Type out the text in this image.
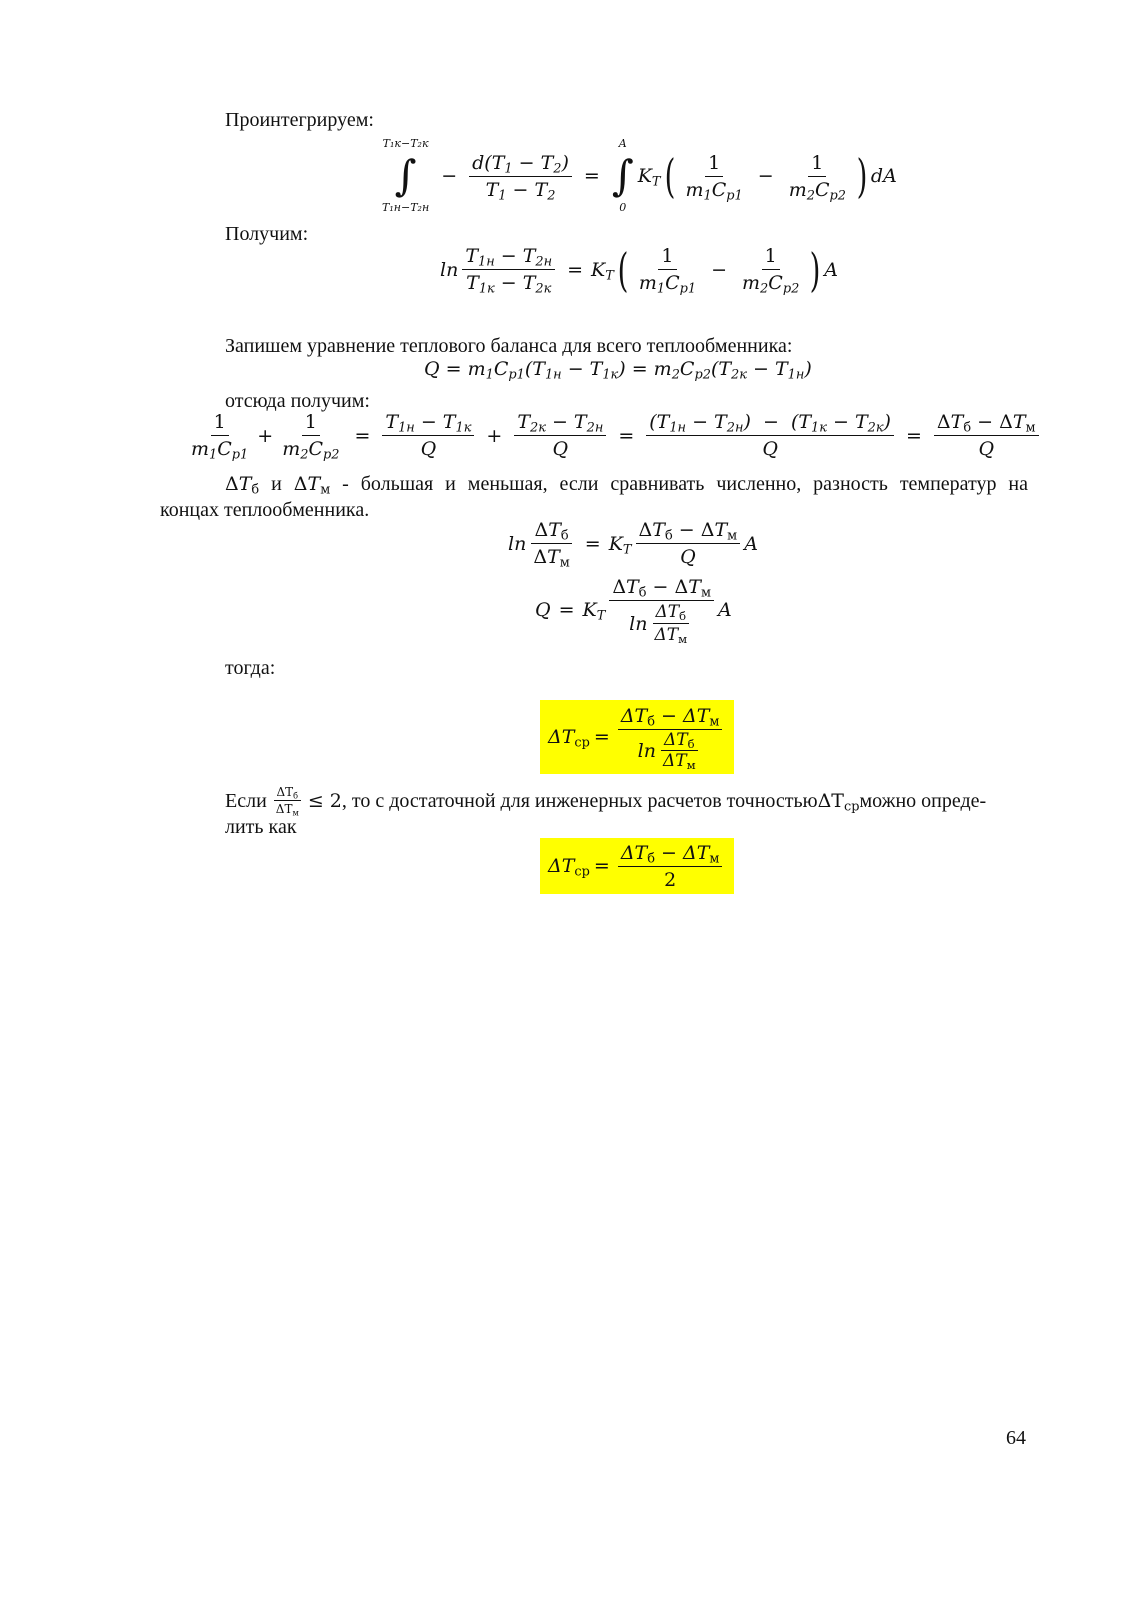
Проинтегрируем:
T₁к−T₂к
∫
T₁н−T₂н
− $\frac{d(T_1 - T_2)}{T_1 - T_2}$ =
A
∫
0
$K_T$ ( $\frac{1}{m_1C_{p1}} - \frac{1}{m_2C_{p2}}$ ) dA
Получим:
$\ln \frac{T_{1н} - T_{2н}}{T_{1к} - T_{2к}} = K_T$ ( $\frac{1}{m_1C_{p1}} - \frac{1}{m_2C_{p2}}$ ) A
Запишем уравнение теплового баланса для всего теплообменника:
$Q = m_1C_{p1}(T_{1н} - T_{1к}) = m_2C_{p2}(T_{2к} - T_{1н})$
отсюда получим:
$\frac{1}{m_1C_{p1}} + \frac{1}{m_2C_{p2}} = \frac{T_{1н} - T_{1к}}{Q} + \frac{T_{2к} - T_{2н}}{Q} = \frac{(T_{1н} - T_{2н}) - (T_{1к} - T_{2к})}{Q} = \frac{\Delta T_б - \Delta T_м}{Q}$
$\Delta T_б$ и $\Delta T_м$ - большая и меньшая, если сравнивать численно, разность температур на
концах теплообменника.
$\ln \frac{\Delta T_б}{\Delta T_м} = K_T \frac{\Delta T_б - \Delta T_м}{Q}$ A
$Q = K_T \frac{\Delta T_б - \Delta T_м}{\ln \frac{\Delta T_б}{\Delta T_м}}$ A
тогда:
$\Delta T_{ср} = \frac{\Delta T_б - \Delta T_м}{\ln \frac{\Delta T_б}{\Delta T_м}}$
Если $\frac{\Delta T_б}{\Delta T_м} \le 2$ , то с достаточной для инженерных расчетов точностью $\Delta T_{ср}$ можно опреде-
лить как
$\Delta T_{ср} = \frac{\Delta T_б - \Delta T_м}{2}$
64
